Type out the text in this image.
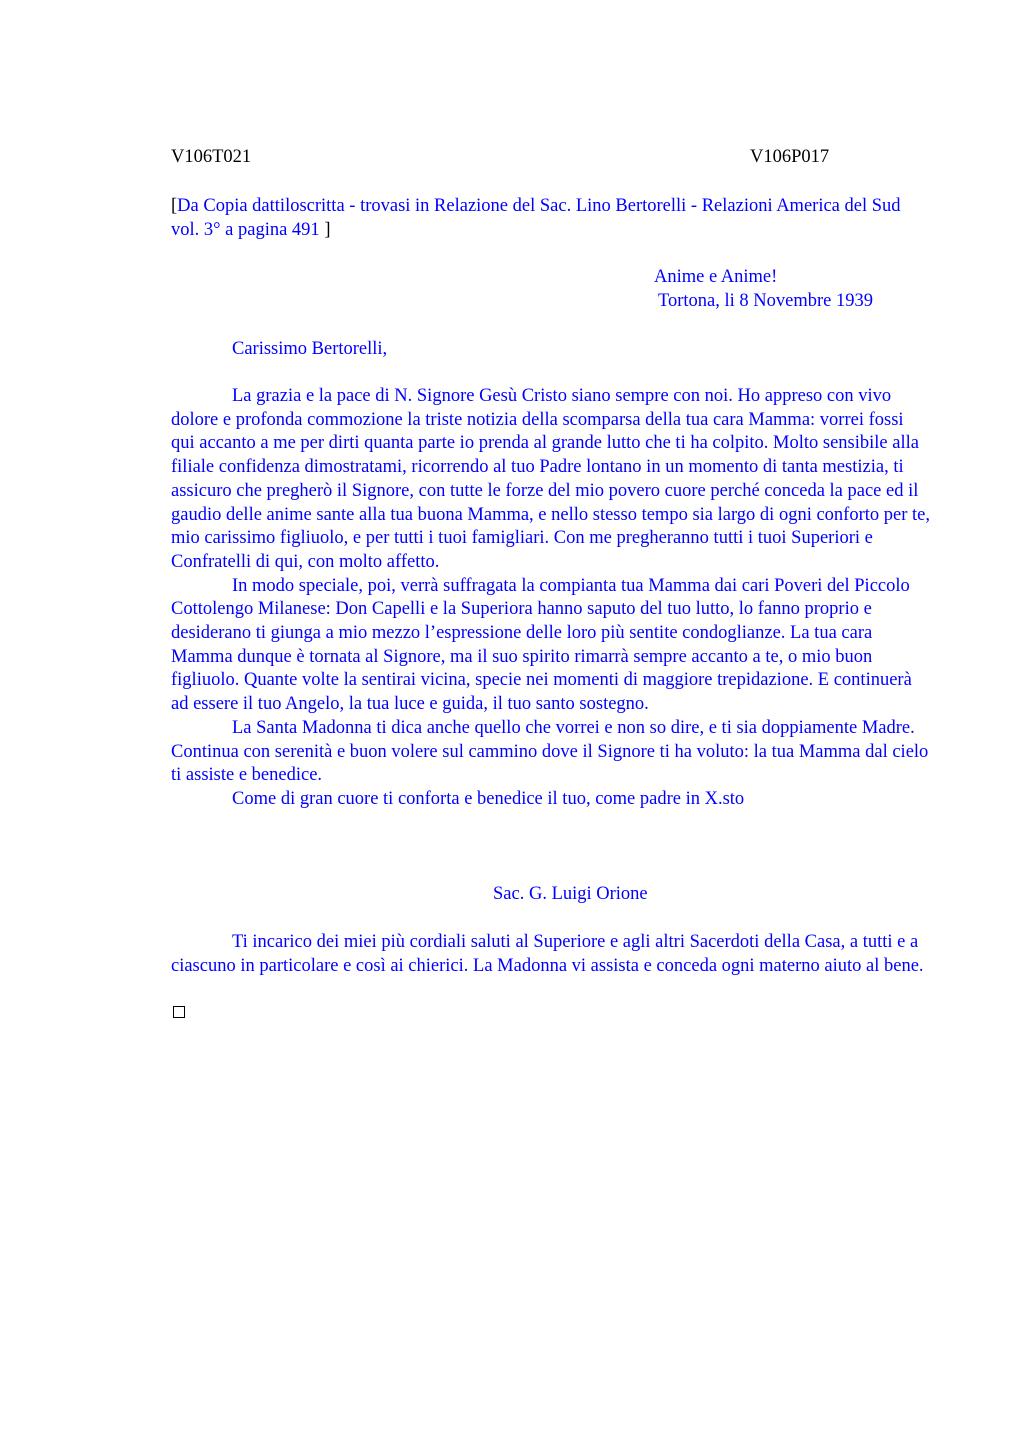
V106T021	V106P017

[Da Copia dattiloscritta - trovasi in Relazione del Sac. Lino Bertorelli - Relazioni America del Sud vol. 3° a pagina 491 ]

Anime e Anime!
Tortona, li 8 Novembre 1939
Carissimo Bertorelli,

La grazia e la pace di N. Signore Gesù Cristo siano sempre con noi. Ho appreso con vivo dolore e profonda commozione la triste notizia della scomparsa della tua cara Mamma: vorrei fossi qui accanto a me per dirti quanta parte io prenda al grande lutto che ti ha colpito. Molto sensibile alla filiale confidenza dimostratami, ricorrendo al tuo Padre lontano in un momento di tanta mestizia, ti assicuro che pregherò il Signore, con tutte le forze del mio povero cuore perché conceda la pace ed il gaudio delle anime sante alla tua buona Mamma, e nello stesso tempo sia largo di ogni conforto per te, mio carissimo figliuolo, e per tutti i tuoi famigliari. Con me pregheranno tutti i tuoi Superiori e Confratelli di qui, con molto affetto.

In modo speciale, poi, verrà suffragata la compianta tua Mamma dai cari Poveri del Piccolo Cottolengo Milanese: Don Capelli e la Superiora hanno saputo del tuo lutto, lo fanno proprio e desiderano ti giunga a mio mezzo l’espressione delle loro più sentite condoglianze. La tua cara Mamma dunque è tornata al Signore, ma il suo spirito rimarrà sempre accanto a te, o mio buon figliuolo. Quante volte la sentirai vicina, specie nei momenti di maggiore trepidazione. E continuerà ad essere il tuo Angelo, la tua luce e guida, il tuo santo sostegno.

La Santa Madonna ti dica anche quello che vorrei e non so dire, e ti sia doppiamente Madre. Continua con serenità e buon volere sul cammino dove il Signore ti ha voluto: la tua Mamma dal cielo ti assiste e benedice.

Come di gran cuore ti conforta e benedice il tuo, come padre in X.sto

Sac. G. Luigi Orione

Ti incarico dei miei più cordiali saluti al Superiore e agli altri Sacerdoti della Casa, a tutti e a ciascuno in particolare e così ai chierici. La Madonna vi assista e conceda ogni materno aiuto al bene.
